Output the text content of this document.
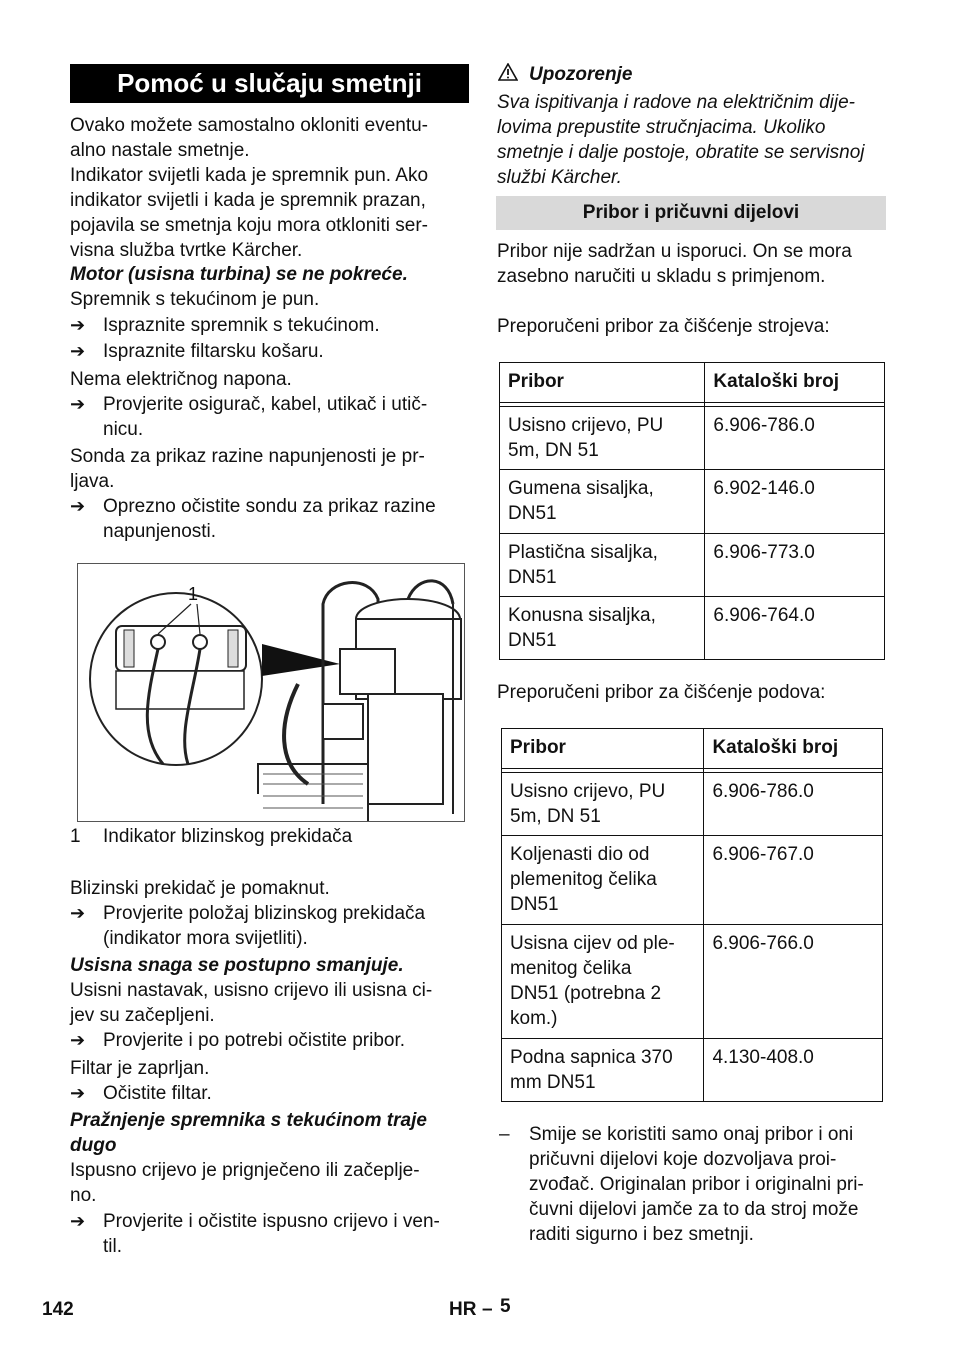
Pomoć u slučaju smetnji
Ovako možete samostalno okloniti eventu-
alno nastale smetnje.
Indikator svijetli kada je spremnik pun. Ako
indikator svijetli i kada je spremnik prazan,
pojavila se smetnja koju mora otkloniti ser-
visna služba tvrtke Kärcher.
Motor (usisna turbina) se ne pokreće.
Spremnik s tekućinom je pun.
➔ Ispraznite spremnik s tekućinom.
➔ Ispraznite filtarsku košaru.
Nema električnog napona.
➔ Provjerite osigurač, kabel, utikač i utič-
nicu.
Sonda za prikaz razine napunjenosti je pr-
ljava.
➔ Oprezno očistite sondu za prikaz razine
napunjenosti.
1
1 Indikator blizinskog prekidača
Blizinski prekidač je pomaknut.
➔ Provjerite položaj blizinskog prekidača
(indikator mora svijetliti).
Usisna snaga se postupno smanjuje.
Usisni nastavak, usisno crijevo ili usisna ci-
jev su začepljeni.
➔ Provjerite i po potrebi očistite pribor.
Filtar je zaprljan.
➔ Očistite filtar.
Pražnjenje spremnika s tekućinom traje
dugo
Ispusno crijevo je prignječeno ili začeplje-
no.
➔ Provjerite i očistite ispusno crijevo i ven-
til.
Upozorenje
Sva ispitivanja i radove na električnim dije-
lovima prepustite stručnjacima. Ukoliko
smetnje i dalje postoje, obratite se servisnoj
službi Kärcher.
Pribor i pričuvni dijelovi
Pribor nije sadržan u isporuci. On se mora
zasebno naručiti u skladu s primjenom.
Preporučeni pribor za čišćenje strojeva:
Pribor	Kataloški broj

Usisno crijevo, PU
5m, DN 51	6.906-786.0
Gumena sisaljka,
DN51	6.902-146.0
Plastična sisaljka,
DN51	6.906-773.0
Konusna sisaljka,
DN51	6.906-764.0
Preporučeni pribor za čišćenje podova:
Pribor	Kataloški broj

Usisno crijevo, PU
5m, DN 51	6.906-786.0
Koljenasti dio od
plemenitog čelika
DN51	6.906-767.0
Usisna cijev od ple-
menitog čelika
DN51 (potrebna 2
kom.)	6.906-766.0
Podna sapnica 370
mm DN51	4.130-408.0
– Smije se koristiti samo onaj pribor i oni
pričuvni dijelovi koje dozvoljava proi-
zvođač. Originalan pribor i originalni pri-
čuvni dijelovi jamče za to da stroj može
raditi sigurno i bez smetnji.
142	HR – 5
